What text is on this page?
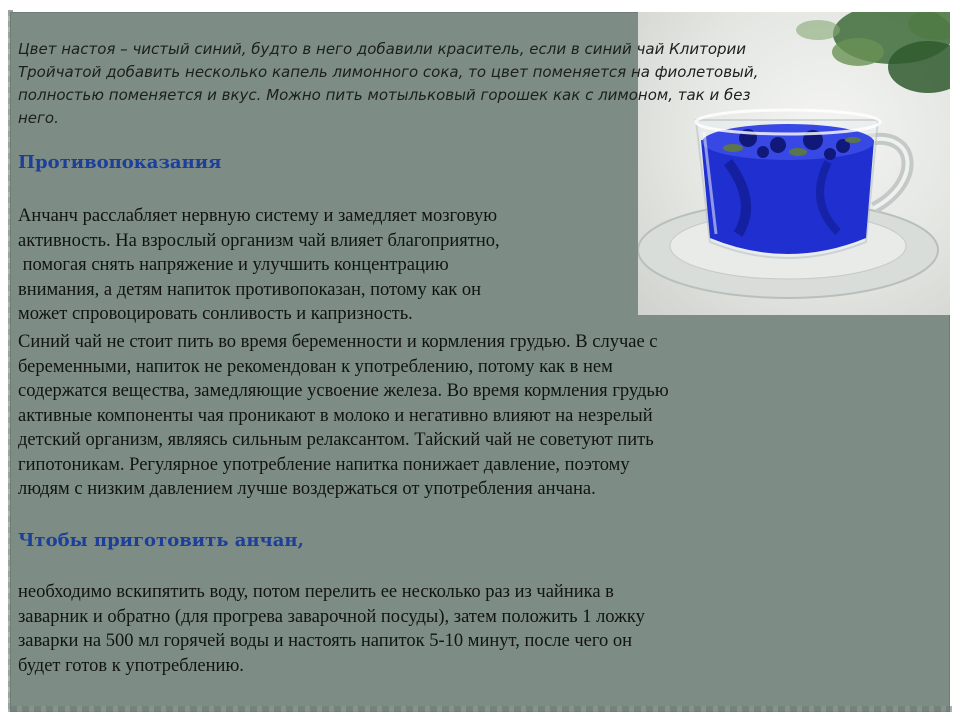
Цвет настоя – чистый синий, будто в него добавили краситель, если в синий чай Клитории
Тройчатой добавить несколько капель лимонного сока, то цвет поменяется на фиолетовый,
полностью поменяется и вкус. Можно пить мотыльковый горошек как с лимоном, так и без
него.
Противопоказания
Анчанч расслабляет нервную систему и замедляет мозговую
активность. На взрослый организм чай влияет благоприятно,
помогая снять напряжение и улучшить концентрацию
внимания, а детям напиток противопоказан, потому как он
может спровоцировать сонливость и капризность.
Синий чай не стоит пить во время беременности и кормления грудью. В случае с
беременными, напиток не рекомендован к употреблению, потому как в нем
содержатся вещества, замедляющие усвоение железа. Во время кормления грудью
активные компоненты чая проникают в молоко и негативно влияют на незрелый
детский организм, являясь сильным релаксантом. Тайский чай не советуют пить
гипотоникам. Регулярное употребление напитка понижает давление, поэтому
людям с низким давлением лучше воздержаться от употребления анчана.
Чтобы приготовить анчан,
необходимо вскипятить воду, потом перелить ее несколько раз из чайника в
заварник и обратно (для прогрева заварочной посуды), затем положить 1 ложку
заварки на 500 мл горячей воды и настоять напиток 5-10 минут, после чего он
будет готов к употреблению.
